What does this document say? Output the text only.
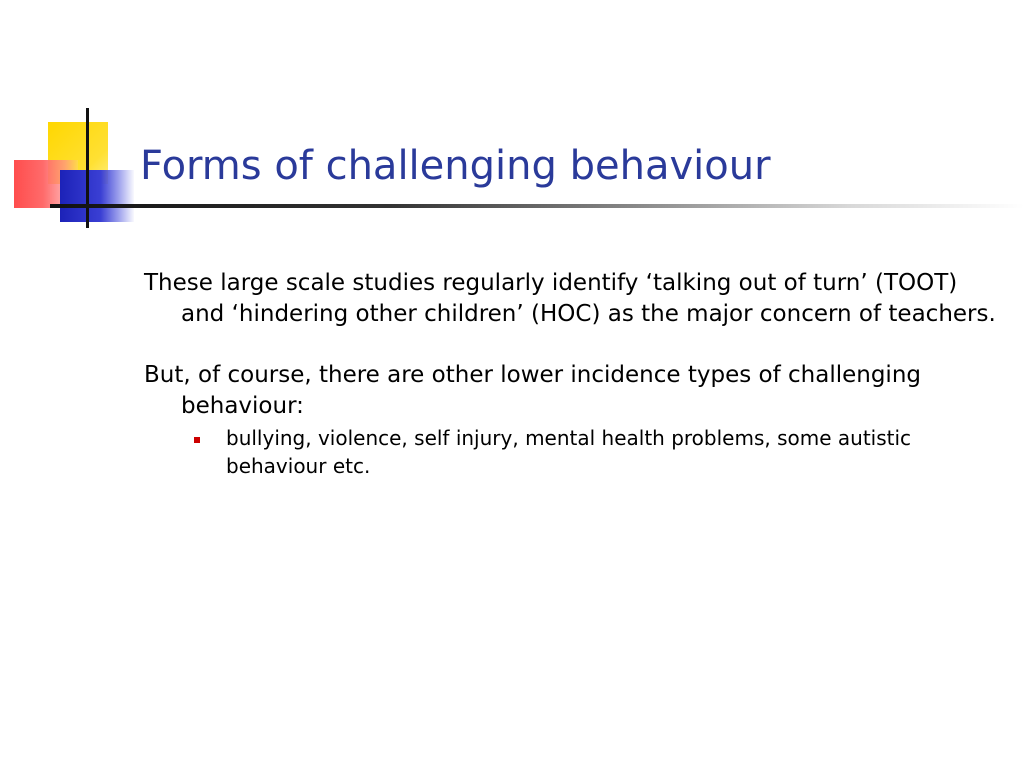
Forms of challenging behaviour

These large scale studies regularly identify ‘talking out of turn’ (TOOT) and ‘hindering other children’ (HOC) as the major concern of teachers.

But, of course, there are other lower incidence types of challenging behaviour:

bullying, violence, self injury, mental health problems, some autistic behaviour etc.
